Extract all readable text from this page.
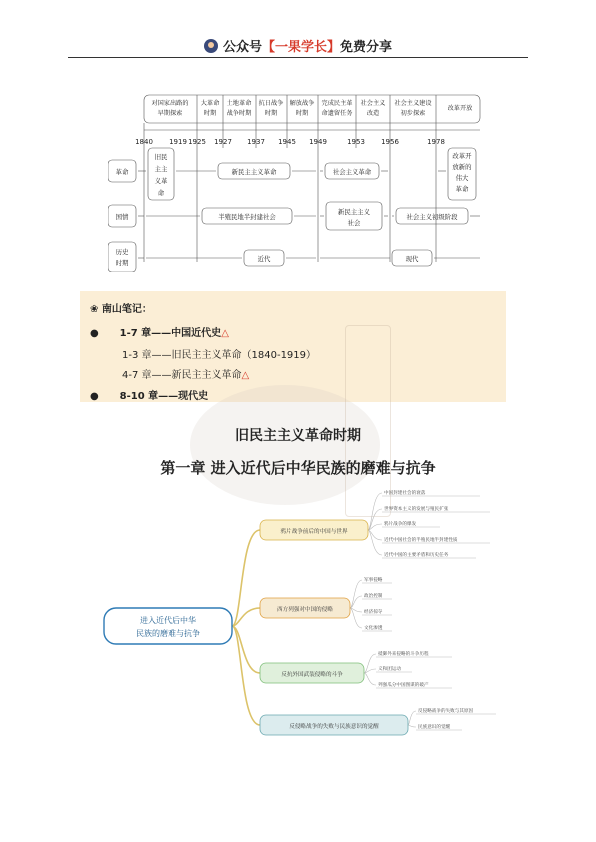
公众号【一果学长】免费分享
对国家出路的
早期探索
大革命
时期
土地革命
战争时期
抗日战争
时期
解放战争
时期
完成民主革
命遗留任务
社会主义
改造
社会主义建设
初步探索
改革开放
1840 1919 1925 1927 1937 1945 1949	1953 1956	1978
革命
国情
历史
时期
旧民
主主
义革
命
新民主主义革命	社会主义革命
改革开
放新的
伟大
革命
半殖民地半封建社会
新民主主义
社会
社会主义初级阶段
近代	现代
❀ 南山笔记：
●      1-7 章——中国近代史△
1-3 章——旧民主主义革命（1840-1919）
4-7 章——新民主主义革命△
●      8-10 章——现代史
旧民主主义革命时期
第一章 进入近代后中华民族的磨难与抗争
进入近代后中华
民族的磨难与抗争
鸦片战争前后的中国与世界
西方列强对中国的侵略
反抗外国武装侵略的斗争
反侵略战争的失败与民族意识的觉醒
中国封建社会的衰落
世界资本主义的发展与殖民扩张
鸦片战争的爆发
近代中国社会的半殖民地半封建性质
近代中国的主要矛盾和历史任务
军事侵略
政治控制
经济掠夺
文化渗透
抵御外来侵略的斗争历程
义和团运动
列强瓜分中国图谋的破产
反侵略战争的失败与其原因
民族意识的觉醒
